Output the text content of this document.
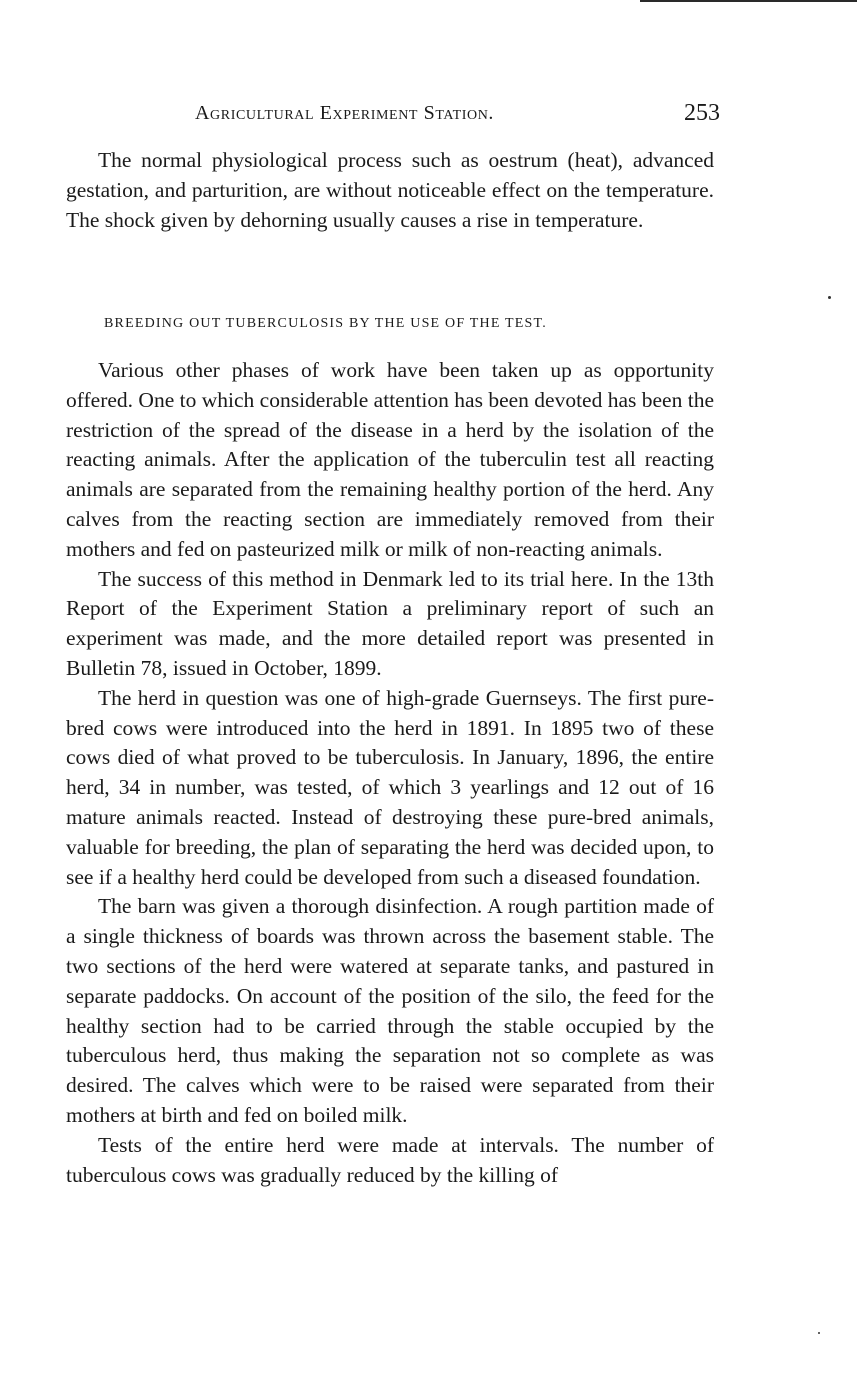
Agricultural Experiment Station.	253

The normal physiological process such as oestrum (heat), advanced gestation, and parturition, are without noticeable effect on the temperature. The shock given by dehorning usually causes a rise in temperature.

BREEDING OUT TUBERCULOSIS BY THE USE OF THE TEST.

Various other phases of work have been taken up as opportunity offered. One to which considerable attention has been devoted has been the restriction of the spread of the disease in a herd by the isolation of the reacting animals. After the application of the tuberculin test all reacting animals are separated from the remaining healthy portion of the herd. Any calves from the reacting section are immediately removed from their mothers and fed on pasteurized milk or milk of non-reacting animals.

The success of this method in Denmark led to its trial here. In the 13th Report of the Experiment Station a preliminary report of such an experiment was made, and the more detailed report was presented in Bulletin 78, issued in October, 1899.

The herd in question was one of high-grade Guernseys. The first pure-bred cows were introduced into the herd in 1891. In 1895 two of these cows died of what proved to be tuberculosis. In January, 1896, the entire herd, 34 in number, was tested, of which 3 yearlings and 12 out of 16 mature animals reacted. Instead of destroying these pure-bred animals, valuable for breeding, the plan of separating the herd was decided upon, to see if a healthy herd could be developed from such a diseased foundation.

The barn was given a thorough disinfection. A rough partition made of a single thickness of boards was thrown across the basement stable. The two sections of the herd were watered at separate tanks, and pastured in separate paddocks. On account of the position of the silo, the feed for the healthy section had to be carried through the stable occupied by the tuberculous herd, thus making the separation not so complete as was desired. The calves which were to be raised were separated from their mothers at birth and fed on boiled milk.

Tests of the entire herd were made at intervals. The number of tuberculous cows was gradually reduced by the killing of
